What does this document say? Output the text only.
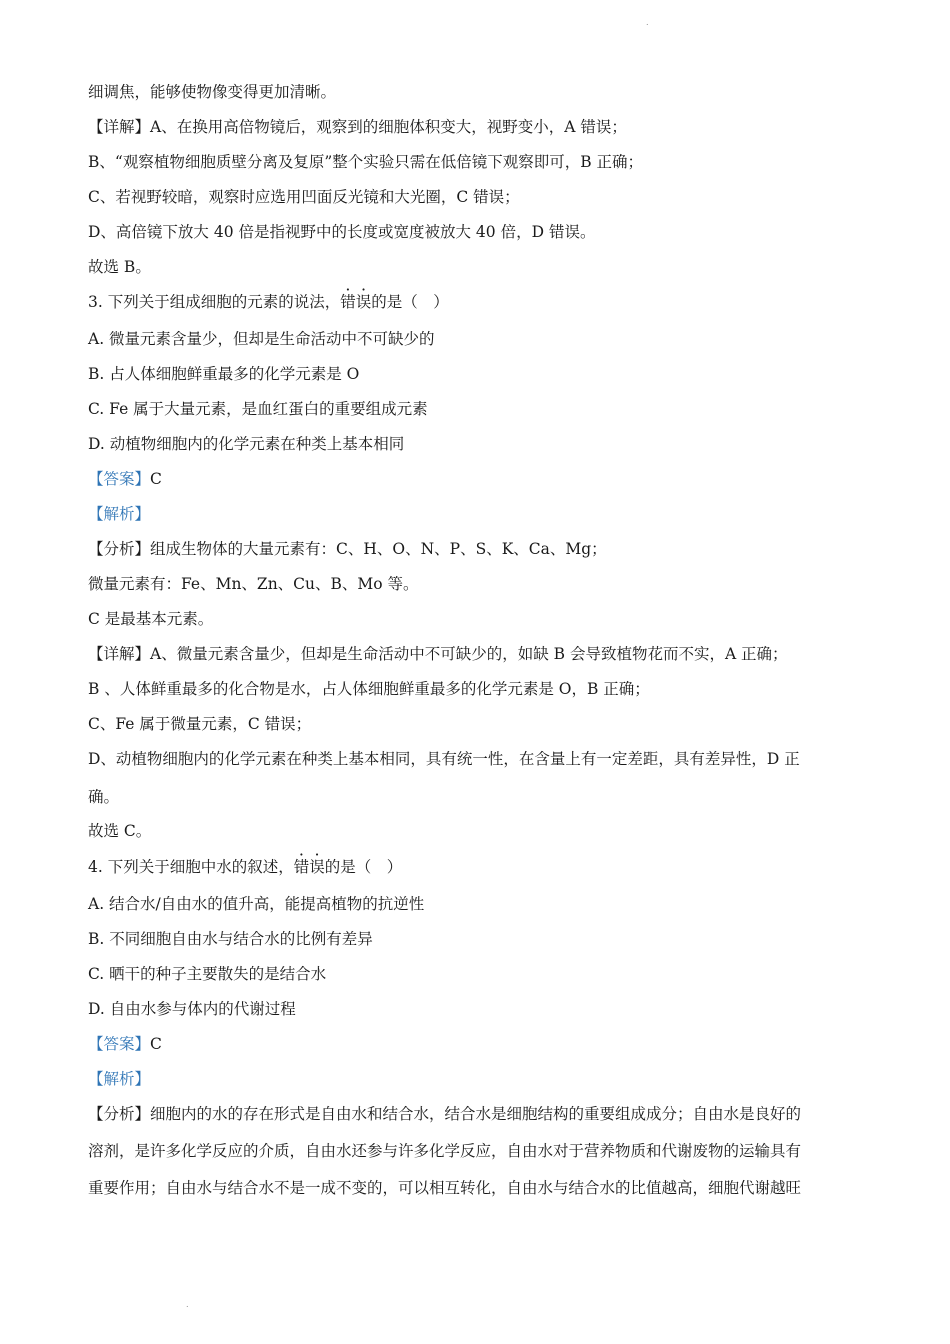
.
细调焦，能够使物像变得更加清晰。
【详解】A、在换用高倍物镜后，观察到的细胞体积变大，视野变小，A 错误；
B、“观察植物细胞质壁分离及复原”整个实验只需在低倍镜下观察即可，B 正确；
C、若视野较暗，观察时应选用凹面反光镜和大光圈，C 错误；
D、高倍镜下放大 40 倍是指视野中的长度或宽度被放大 40 倍，D 错误。
故选 B。
3. 下列关于组成细胞的元素的说法，错误的是（　）
A. 微量元素含量少，但却是生命活动中不可缺少的
B. 占人体细胞鲜重最多的化学元素是 O
C. Fe 属于大量元素，是血红蛋白的重要组成元素
D. 动植物细胞内的化学元素在种类上基本相同
【答案】C
【解析】
【分析】组成生物体的大量元素有：C、H、O、N、P、S、K、Ca、Mg；
微量元素有：Fe、Mn、Zn、Cu、B、Mo 等。
C 是最基本元素。
【详解】A、微量元素含量少，但却是生命活动中不可缺少的，如缺 B 会导致植物花而不实，A 正确；
B 、人体鲜重最多的化合物是水，占人体细胞鲜重最多的化学元素是 O，B 正确；
C、Fe 属于微量元素，C 错误；
D、动植物细胞内的化学元素在种类上基本相同，具有统一性，在含量上有一定差距，具有差异性，D 正
确。
故选 C。
4. 下列关于细胞中水的叙述，错误的是（　）
A. 结合水/自由水的值升高，能提高植物的抗逆性
B. 不同细胞自由水与结合水的比例有差异
C. 晒干的种子主要散失的是结合水
D. 自由水参与体内的代谢过程
【答案】C
【解析】
【分析】细胞内的水的存在形式是自由水和结合水，结合水是细胞结构的重要组成成分；自由水是良好的
溶剂，是许多化学反应的介质，自由水还参与许多化学反应，自由水对于营养物质和代谢废物的运输具有
重要作用；自由水与结合水不是一成不变的，可以相互转化，自由水与结合水的比值越高，细胞代谢越旺
.
